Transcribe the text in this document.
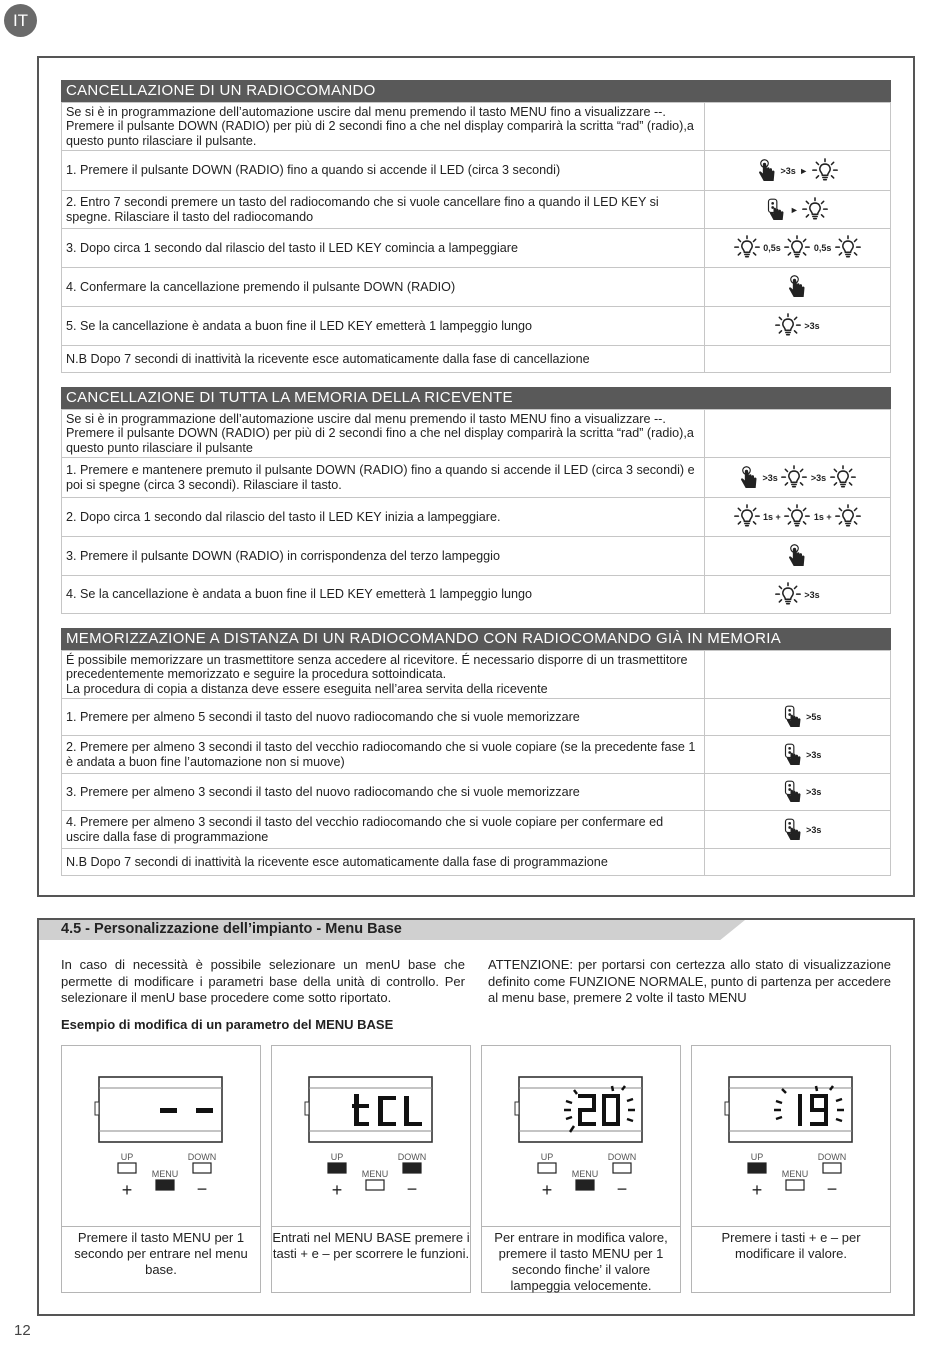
IT
CANCELLAZIONE DI UN RADIOCOMANDO
Se si è in programmazione dell’automazione uscire dal menu premendo il tasto MENU fino a visualizzare --. Premere il pulsante DOWN (RADIO) per più di 2 secondi fino a che nel display comparirà la scritta “rad” (radio),a questo punto rilasciare il pulsante.	
1. Premere il pulsante DOWN (RADIO) fino a quando si accende il LED (circa 3 secondi)	>3s ►
2. Entro 7 secondi premere un tasto del radiocomando che si vuole cancellare fino a quando il LED KEY si spegne. Rilasciare il tasto del radiocomando	►
3. Dopo circa 1 secondo dal rilascio del tasto il LED KEY comincia a lampeggiare	0,5s 0,5s
4. Confermare la cancellazione premendo il pulsante DOWN (RADIO)	
5. Se la cancellazione è andata a buon fine il LED KEY emetterà 1 lampeggio lungo	>3s
N.B Dopo 7 secondi di inattività la ricevente esce automaticamente dalla fase di cancellazione	
CANCELLAZIONE DI TUTTA LA MEMORIA DELLA RICEVENTE
Se si è in programmazione dell’automazione uscire dal menu premendo il tasto MENU fino a visualizzare --. Premere il pulsante DOWN (RADIO) per più di 2 secondi fino a che nel display comparirà la scritta “rad” (radio),a questo punto rilasciare il pulsante	
1. Premere e mantenere premuto il pulsante DOWN (RADIO) fino a quando si accende il LED (circa 3 secondi) e poi si spegne (circa 3 secondi). Rilasciare il tasto.	>3s >3s
2. Dopo circa 1 secondo dal rilascio del tasto il LED KEY inizia a lampeggiare.	1s + 1s +
3. Premere il pulsante DOWN (RADIO) in corrispondenza del terzo lampeggio	
4. Se la cancellazione è andata a buon fine il LED KEY emetterà 1 lampeggio lungo	>3s
MEMORIZZAZIONE A DISTANZA DI UN RADIOCOMANDO CON RADIOCOMANDO GIÀ IN MEMORIA
É possibile memorizzare un trasmettitore senza accedere al ricevitore. É necessario disporre di un trasmettitore precedentemente memorizzato e seguire la procedura sottoindicata.
La procedura di copia a distanza deve essere eseguita nell’area servita della ricevente	

1. Premere per almeno 5 secondi il tasto del nuovo radiocomando che si vuole memorizzare	>5s
2. Premere per almeno 3 secondi il tasto del vecchio radiocomando che si vuole copiare (se la precedente fase 1 è andata a buon fine l’automazione non si muove)	>3s
3. Premere per almeno 3 secondi il tasto del nuovo radiocomando che si vuole memorizzare	>3s
4. Premere per almeno 3 secondi il tasto del vecchio radiocomando che si vuole copiare per confermare ed uscire dalla fase di programmazione	>3s
N.B Dopo 7 secondi di inattività la ricevente esce automaticamente dalla fase di programmazione	
4.5 - Personalizzazione dell’impianto - Menu Base
In caso di necessità è possibile selezionare un menU base che permette di modificare i parametri base della unità di controllo. Per selezionare il menU base procedere come sotto riportato.
ATTENZIONE: per portarsi con certezza allo stato di visualizzazione definito come FUNZIONE NORMALE, punto di partenza per accedere al menu base, premere 2 volte il tasto MENU
Esempio di modifica di un parametro del MENU BASE
UP
MENU
DOWN
+	−
Premere il tasto MENU per 1 secondo per entrare nel menu base.
UP
MENU
DOWN
+	−
Entrati nel MENU BASE premere i tasti + e – per scorrere le funzioni.
UP
MENU
DOWN
+	−
Per entrare in modifica valore, premere il tasto MENU per 1 secondo finche’ il valore lampeggia velocemente.
UP
MENU
DOWN
+	−
Premere i tasti + e – per modificare il valore.
12
